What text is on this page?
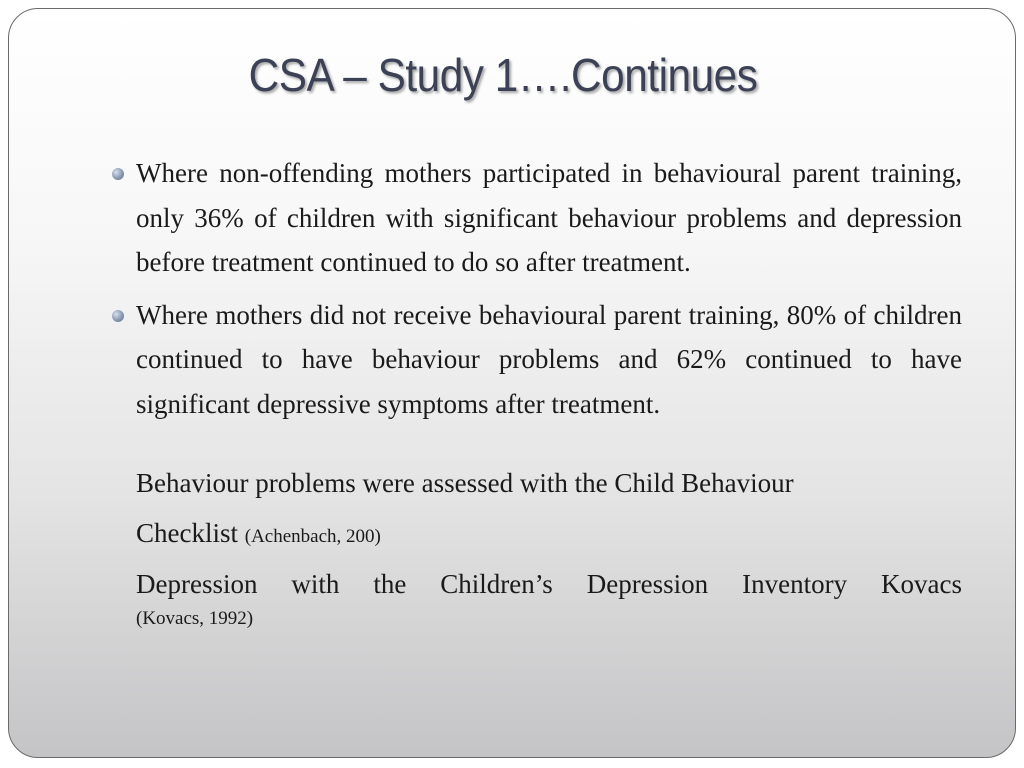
CSA – Study 1….Continues
Where non-offending mothers participated in behavioural parent training, only 36% of children with significant behaviour problems and depression before treatment continued to do so after treatment.
Where mothers did not receive behavioural parent training, 80% of children continued to have behaviour problems and 62% continued to have significant depressive symptoms after treatment.
Behaviour problems were assessed with the Child Behaviour
Checklist (Achenbach, 200)
Depression with the Children’s Depression Inventory Kovacs
(Kovacs, 1992)
